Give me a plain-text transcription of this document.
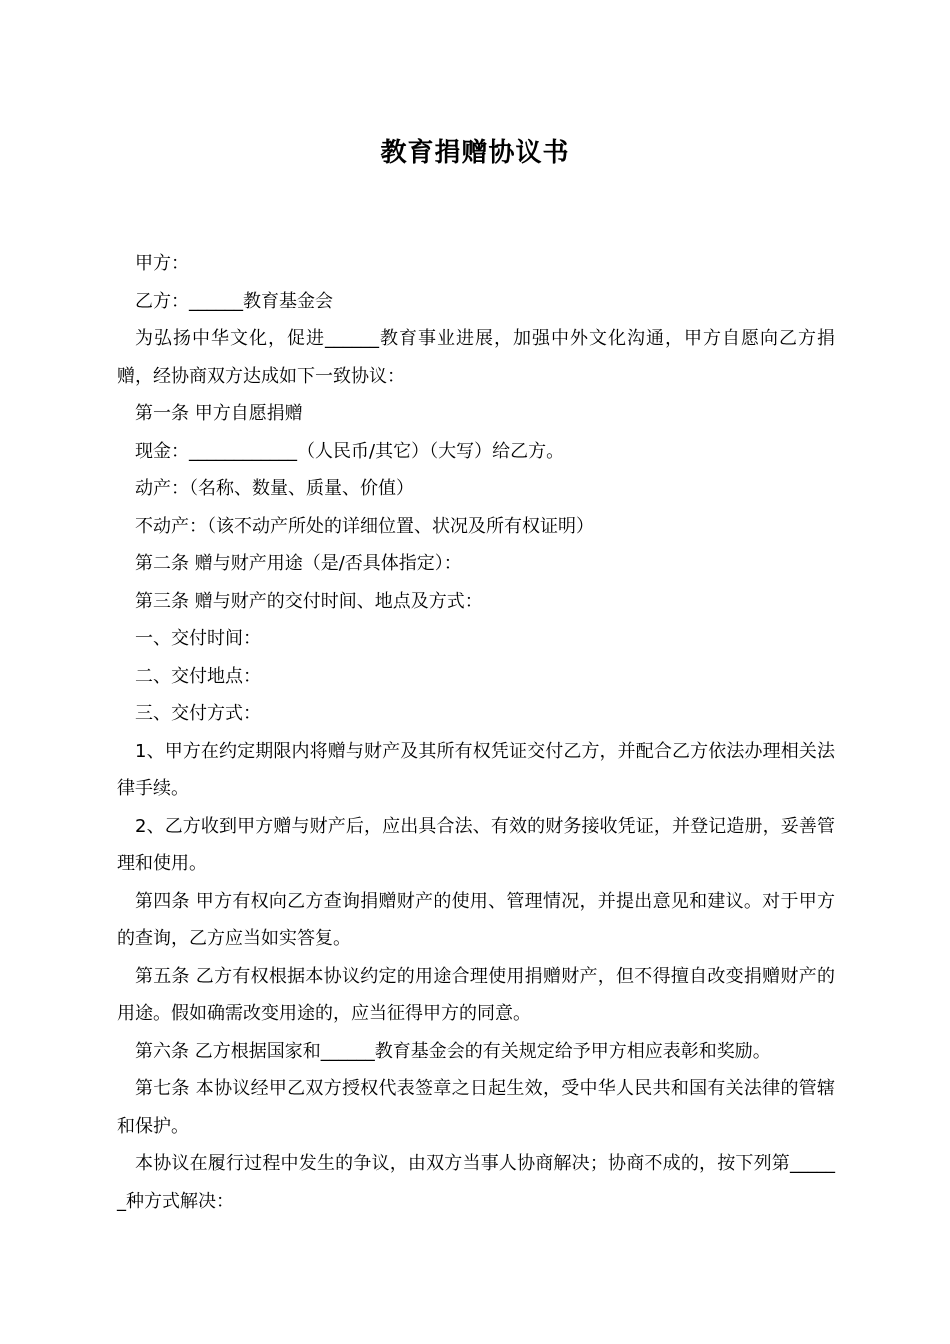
教育捐赠协议书

甲方：

乙方：______教育基金会

为弘扬中华文化，促进______教育事业进展，加强中外文化沟通，甲方自愿向乙方捐赠，经协商双方达成如下一致协议：

第一条 甲方自愿捐赠

现金：____________（人民币/其它）（大写）给乙方。

动产：（名称、数量、质量、价值）

不动产：（该不动产所处的详细位置、状况及所有权证明）

第二条 赠与财产用途（是/否具体指定）：

第三条 赠与财产的交付时间、地点及方式：

一、交付时间：

二、交付地点：

三、交付方式：

1、甲方在约定期限内将赠与财产及其所有权凭证交付乙方，并配合乙方依法办理相关法律手续。

2、乙方收到甲方赠与财产后，应出具合法、有效的财务接收凭证，并登记造册，妥善管理和使用。

第四条 甲方有权向乙方查询捐赠财产的使用、管理情况，并提出意见和建议。对于甲方的查询，乙方应当如实答复。

第五条 乙方有权根据本协议约定的用途合理使用捐赠财产，但不得擅自改变捐赠财产的用途。假如确需改变用途的，应当征得甲方的同意。

第六条 乙方根据国家和______教育基金会的有关规定给予甲方相应表彰和奖励。

第七条 本协议经甲乙双方授权代表签章之日起生效，受中华人民共和国有关法律的管辖和保护。

本协议在履行过程中发生的争议，由双方当事人协商解决；协商不成的，按下列第______种方式解决：
